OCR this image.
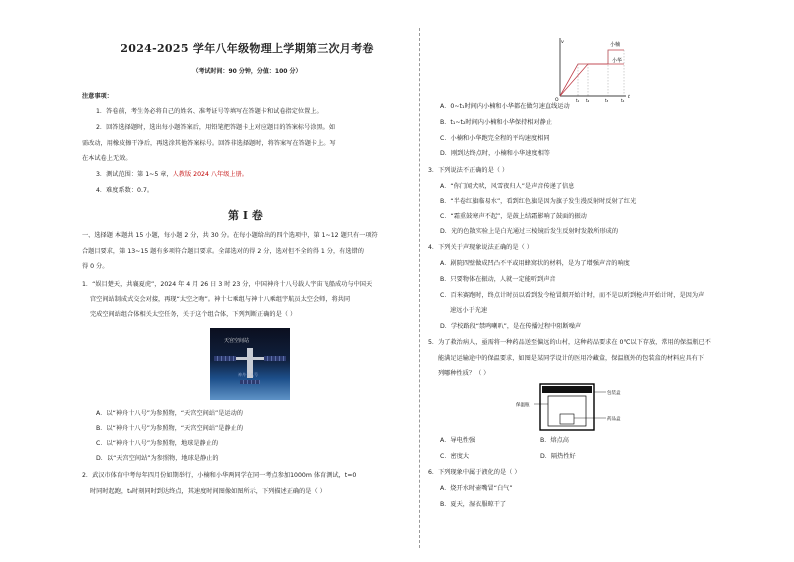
2024-2025 学年八年级物理上学期第三次月考卷
（考试时间：90 分钟，分值：100 分）
注意事项：
1．答卷前，考生务必将自己的姓名、准考证号等填写在答题卡和试卷指定位置上。
2．回答选择题时，选出每小题答案后，用铅笔把答题卡上对应题目的答案标号涂黑。如
需改动，用橡皮擦干净后，再选涂其他答案标号。回答非选择题时，将答案写在答题卡上。写
在本试卷上无效。
3．测试范围：第 1~5 章，人教版 2024 八年级上册。
4．难度系数：0.7。
第 I 卷
一、选择题 本题共 15 小题，每小题 2 分，共 30 分。在每小题给出的四个选项中，第 1~12 题只有一项符
合题目要求，第 13~15 题有多项符合题目要求。全部选对的得 2 分，选对但不全的得 1 分，有选错的
得 0 分。
1．“娱目楚天，共襄夏虎”，2024 年 4 月 26 日 3 时 23 分，中国神舟十八号载人宇宙飞船成功与中国天
宫空间站制成式交会对接，再现“太空之吻”。神十七乘组与神十八乘组宇航员太空会师，将共同
完成空间站组合体相关太空任务，关于这个组合体，下列判断正确的是（ ）
天宫空间站
神舟十八号
A．以“神舟十八号”为参照物，“天宫空间站”是运动的
B．以“神舟十八号”为参照物，“天宫空间站”是静止的
C．以“神舟十八号”为参照物，地球是静止的
D．以“天宫空间站”为参照物，地球是静止的
2．武汉市体育中考每年四月份如期举行，小楠和小华两同学在同一考点参加1000m 体育测试，t=0
时同时起跑，t₄时刻同时到达终点，其速度时间图像如图所示，下列描述正确的是（ ）
v
t
O	t₁ t₂	t₃	t₄
小楠
小华
A．0~t₁时间内小楠和小华都在做匀速直线运动
B．t₁~t₂时间内小楠和小华保持相对静止
C．小楠和小华跑完全程的平均速度相同
D．刚到达终点时，小楠和小华速度相等
3．下列说法不正确的是（ ）
A．“你门闻犬吠，风雪夜归人”是声音传递了信息
B．“半卷红旗临易水”，看到红色旗是因为旗子发生漫反射时反射了红光
C．“霜重鼓寒声不起”，是鼓上结霜影响了鼓面的振动
D．光的色散实验上是白光通过三棱镜后发生反射时发散所形成的
4．下列关于声现象说法正确的是（ ）
A．剧院四壁做成凹凸不平或用蜂窝状的材料，是为了增强声音的响度
B．只要物体在振动，人就一定能听到声音
C．百米赛跑时，终点计时员以看到发令枪冒烟开始计时，而不是以听到枪声开始计时，是因为声
速远小于光速
D．学校路段“禁鸣喇叭”，是在传播过程中阻断噪声
5．为了救治病人，亟需将一种药品送至偏远的山村，这种药品要求在 0℃以下存放，常用的保温瓶已不
能满足运输途中的保温要求，如图是某同学设计的医用冷藏盒，保温瓶外的包装盒的材料应具有下
列哪种性质？（ ）
包装盒
药品盒
保温瓶
A．导电性强	B．熔点高
C．密度大	D．隔热性好
6．下列现象中属于液化的是（ ）
A．烧开水时壶嘴冒“白气”
B．夏天，湿衣服晾干了
